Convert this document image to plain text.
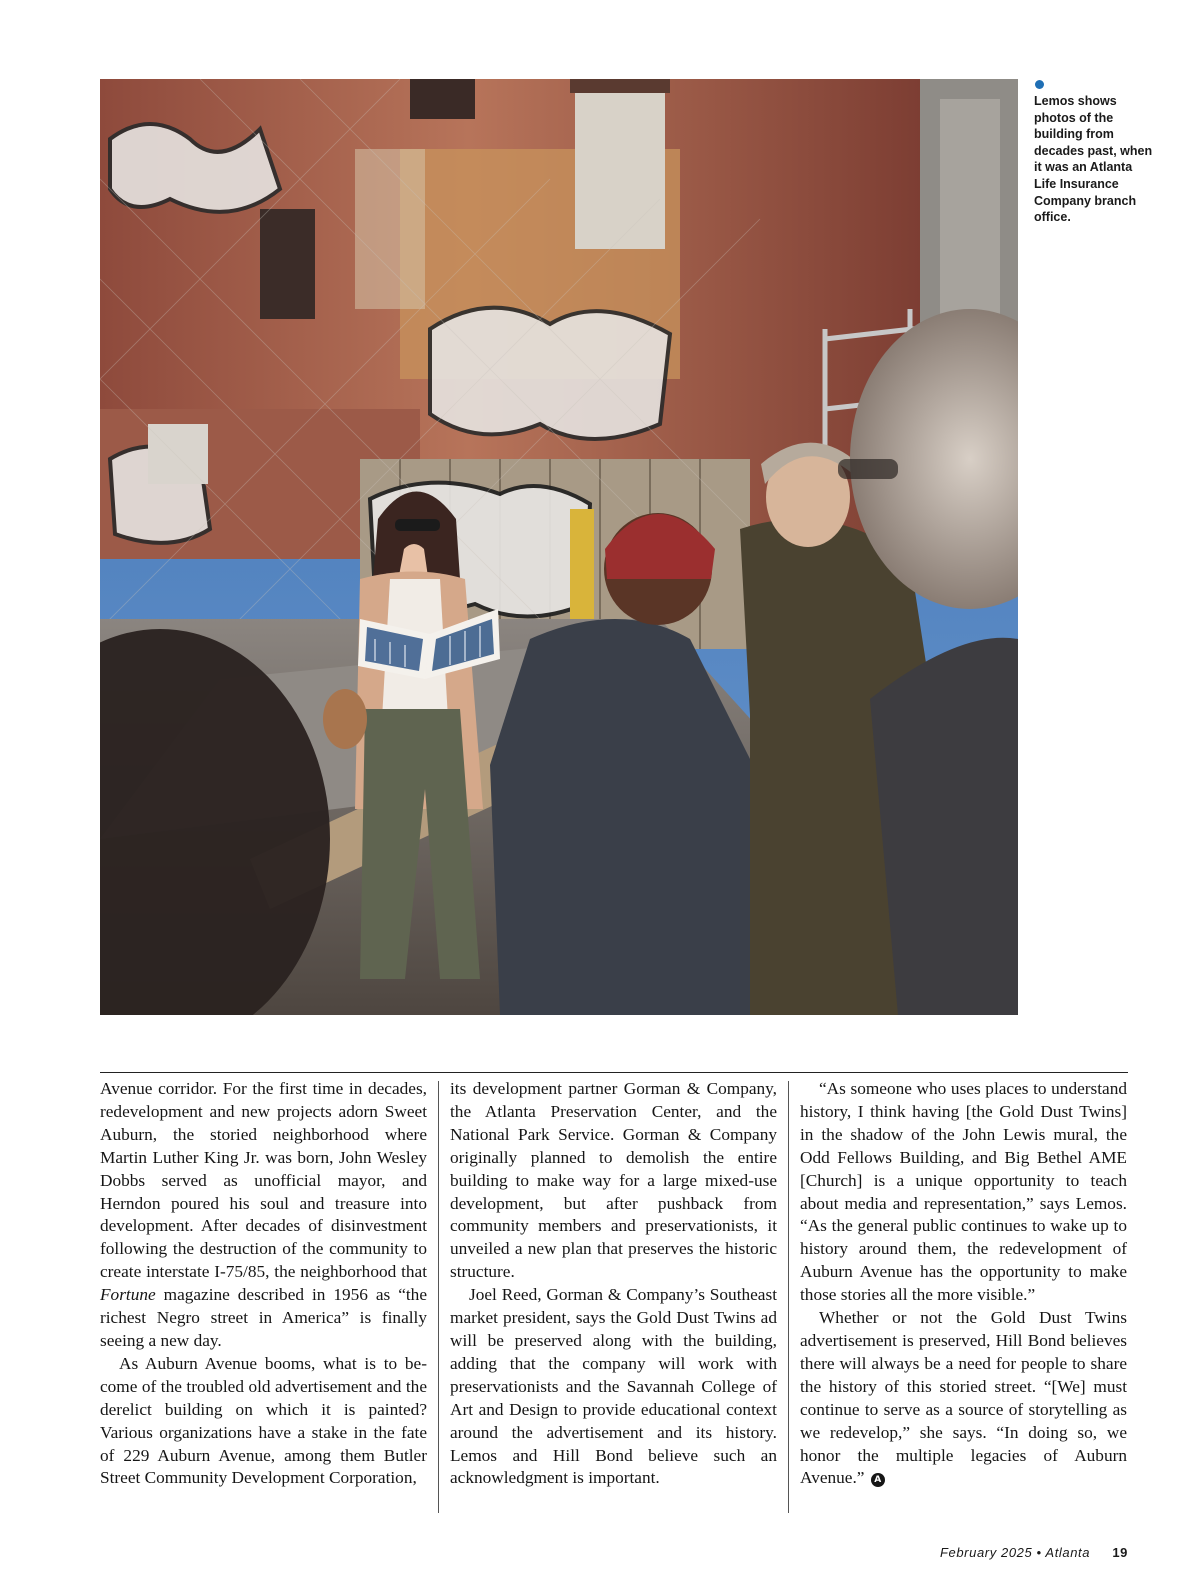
Lemos shows photos of the building from decades past, when it was an Atlanta Life Insurance Company branch office.

Avenue corridor. For the first time in decades, redevelopment and new projects adorn Sweet Auburn, the storied neighborhood where Martin Luther King Jr. was born, John Wesley Dobbs served as unofficial mayor, and Herndon poured his soul and treasure into development. After decades of disinvestment following the destruction of the community to create interstate I-75/85, the neighborhood that Fortune magazine described in 1956 as “the richest Negro street in America” is finally seeing a new day.

As Auburn Avenue booms, what is to become of the troubled old advertisement and the derelict building on which it is painted? Various organizations have a stake in the fate of 229 Auburn Avenue, among them Butler Street Community Development Corporation,

its development partner Gorman & Company, the Atlanta Preservation Center, and the National Park Service. Gorman & Company originally planned to demolish the entire building to make way for a large mixed-use development, but after pushback from community members and preservationists, it unveiled a new plan that preserves the historic structure.

Joel Reed, Gorman & Company’s Southeast market president, says the Gold Dust Twins ad will be preserved along with the building, adding that the company will work with preservationists and the Savannah College of Art and Design to provide educational context around the advertisement and its history. Lemos and Hill Bond believe such an acknowledgment is important.

“As someone who uses places to understand history, I think having [the Gold Dust Twins] in the shadow of the John Lewis mural, the Odd Fellows Building, and Big Bethel AME [Church] is a unique opportunity to teach about media and representation,” says Lemos. “As the general public continues to wake up to history around them, the redevelopment of Auburn Avenue has the opportunity to make those stories all the more visible.”

Whether or not the Gold Dust Twins advertisement is preserved, Hill Bond believes there will always be a need for people to share the history of this storied street. “[We] must continue to serve as a source of storytelling as we redevelop,” she says. “In doing so, we honor the multiple legacies of Auburn Avenue.” A

February 2025 • Atlanta 19
